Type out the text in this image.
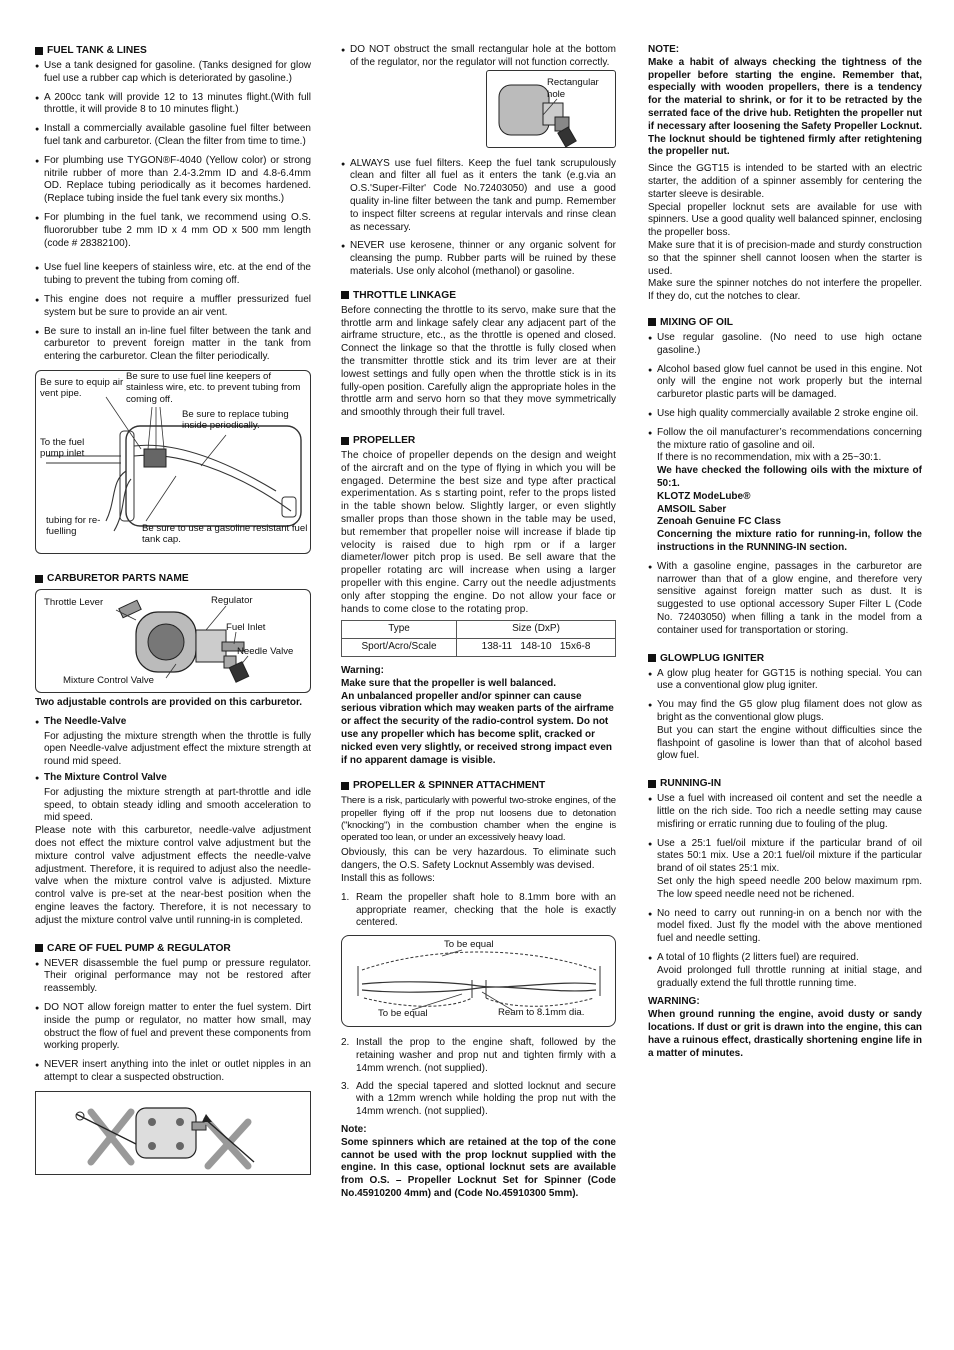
FUEL TANK & LINES
● Use a tank designed for gasoline. (Tanks designed for glow fuel use a rubber cap which is deteriorated by gasoline.)
● A 200cc tank will provide 12 to 13 minutes flight.(With full throttle, it will provide 8 to 10 minutes flight.)
● Install a commercially available gasoline fuel filter between fuel tank and carburetor. (Clean the filter from time to time.)
● For plumbing use TYGON®F-4040 (Yellow color) or strong nitrile rubber of more than 2.4-3.2mm ID and 4.8-6.4mm OD. Replace tubing periodically as it becomes hardened. (Replace tubing inside the fuel tank every six months.)
● For plumbing in the fuel tank, we recommend using O.S. fluororubber tube 2 mm ID x 4 mm OD x 500 mm length (code # 28382100).
● Use fuel line keepers of stainless wire, etc. at the end of the tubing to prevent the tubing from coming off.
● This engine does not require a muffler pressurized fuel system but be sure to provide an air vent.
● Be sure to install an in-line fuel filter between the tank and carburetor to prevent foreign matter in the tank from entering the carburetor. Clean the filter periodically.
Be sure to equip air vent pipe.
Be sure to use fuel line keepers of stainless wire, etc. to prevent tubing from coming off.
Be sure to replace tubing inside periodically.
To the fuel pump inlet
tubing for re-fuelling	Be sure to use a gasoline resistant fuel tank cap.
CARBURETOR PARTS NAME
Throttle Lever	Regulator
Fuel Inlet
Needle Valve
Mixture Control Valve

Two adjustable controls are provided on this carburetor.

● The Needle-Valve

For adjusting the mixture strength when the throttle is fully open Needle-valve adjustment effect the mixture strength at round mid speed.

● The Mixture Control Valve

For adjusting the mixture strength at part-throttle and idle speed, to obtain steady idling and smooth acceleration to mid speed.

Please note with this carburetor, needle-valve adjustment does not effect the mixture control valve adjustment but the mixture control valve adjustment effects the needle-valve adjustment. Therefore, it is required to adjust also the needle-valve when the mixture control valve is adjusted. Mixture control valve is pre-set at the near-best position when the engine leaves the factory. Therefore, it is not necessary to adjust the mixture control valve until running-in is completed.

CARE OF FUEL PUMP & REGULATOR
● NEVER disassemble the fuel pump or pressure regulator. Their original performance may not be restored after reassembly.
● DO NOT allow foreign matter to enter the fuel system. Dirt inside the pump or regulator, no matter how small, may obstruct the flow of fuel and prevent these components from working properly.
● NEVER insert anything into the inlet or outlet nipples in an attempt to clear a suspected obstruction.
● DO NOT obstruct the small rectangular hole at the bottom of the regulator, nor the regulator will not function correctly.
Rectangular hole
● ALWAYS use fuel filters. Keep the fuel tank scrupulously clean and filter all fuel as it enters the tank (e.g.via an O.S.'Super-Filter' Code No.72403050) and use a good quality in-line filter between the tank and pump. Remember to inspect filter screens at regular intervals and rinse clean as necessary.
● NEVER use kerosene, thinner or any organic solvent for cleansing the pump. Rubber parts will be ruined by these materials. Use only alcohol (methanol) or gasoline.
THROTTLE LINKAGE

Before connecting the throttle to its servo, make sure that the throttle arm and linkage safely clear any adjacent part of the airframe structure, etc., as the throttle is opened and closed. Connect the linkage so that the throttle is fully closed when the transmitter throttle stick and its trim lever are at their lowest settings and fully open when the throttle stick is in its fully-open position. Carefully align the appropriate holes in the throttle arm and servo horn so that they move symmetrically and smoothly through their full travel.

PROPELLER

The choice of propeller depends on the design and weight of the aircraft and on the type of flying in which you will be engaged. Determine the best size and type after practical experimentation. As s starting point, refer to the props listed in the table shown below. Slightly larger, or even slightly smaller props than those shown in the table may be used, but remember that propeller noise will increase if blade tip velocity is raised due to high rpm or if a larger diameter/lower pitch prop is used. Be sell aware that the propeller rotating arc will increase when using a larger propeller with this engine. Carry out the needle adjustments only after stopping the engine. Do not allow your face or hands to come close to the rotating prop.

Type	Size (DxP)
Sport/Acro/Scale	138-11   148-10   15x6-8

Warning:

Make sure that the propeller is well balanced.

An unbalanced propeller and/or spinner can cause serious vibration which may weaken parts of the airframe or affect the security of the radio-control system. Do not use any propeller which has become split, cracked or nicked even very slightly, or received strong impact even if no apparent damage is visible.

PROPELLER & SPINNER ATTACHMENT

There is a risk, particularly with powerful two-stroke engines, of the propeller flying off if the prop nut loosens due to detonation ("knocking") in the combustion chamber when the engine is operated too lean, or under an excessively heavy load.

Obviously, this can be very hazardous. To eliminate such dangers, the O.S. Safety Locknut Assembly was devised.

Install this as follows:

1. Ream the propeller shaft hole to 8.1mm bore with an appropriate reamer, checking that the hole is exactly centered.
To be equal
To be equal	Ream to 8.1mm dia.
2. Install the prop to the engine shaft, followed by the retaining washer and prop nut and tighten firmly with a 14mm wrench. (not supplied).
3. Add the special tapered and slotted locknut and secure with a 12mm wrench while holding the prop nut with the 14mm wrench. (not supplied).

Note:

Some spinners which are retained at the top of the cone cannot be used with the prop locknut supplied with the engine. In this case, optional locknut sets are available from O.S. – Propeller Locknut Set for Spinner (Code No.45910200 4mm) and (Code No.45910300 5mm).

NOTE:

Make a habit of always checking the tightness of the propeller before starting the engine. Remember that, especially with wooden propellers, there is a tendency for the material to shrink, or for it to be retracted by the serrated face of the drive hub. Retighten the propeller nut if necessary after loosening the Safety Propeller Locknut. The locknut should be tightened firmly after retightening the propeller nut.

Since the GGT15 is intended to be started with an electric starter, the addition of a spinner assembly for centering the starter sleeve is desirable.

Special propeller locknut sets are available for use with spinners. Use a good quality well balanced spinner, enclosing the propeller boss.

Make sure that it is of precision-made and sturdy construction so that the spinner shell cannot loosen when the starter is used.

Make sure the spinner notches do not interfere the propeller. If they do, cut the notches to clear.

MIXING OF OIL
● Use regular gasoline. (No need to use high octane gasoline.)
● Alcohol based glow fuel cannot be used in this engine. Not only will the engine not work properly but the internal carburetor plastic parts will be damaged.
● Use high quality commercially available 2 stroke engine oil.

● Follow the oil manufacturer’s recommendations concerning the mixture ratio of gasoline and oil.

If there is no recommendation, mix with a 25~30:1.

We have checked the following oils with the mixture of 50:1.

KLOTZ ModeLube®

AMSOIL Saber

Zenoah Genuine FC Class

Concerning the mixture ratio for running-in, follow the instructions in the RUNNING-IN section.

● With a gasoline engine, passages in the carburetor are narrower than that of a glow engine, and therefore very sensitive against foreign matter such as dust. It is suggested to use optional accessory Super Filter L (Code No. 72403050) when filling a tank in the model from a container used for transportation or storing.
GLOWPLUG IGNITER
● A glow plug heater for GGT15 is nothing special. You can use a conventional glow plug igniter.

● You may find the G5 glow plug filament does not glow as bright as the conventional glow plugs.

But you can start the engine without difficulties since the flashpoint of gasoline is lower than that of alcohol based glow fuel.

RUNNING-IN
● Use a fuel with increased oil content and set the needle a little on the rich side. Too rich a needle setting may cause misfiring or erratic running due to fouling of the plug.

● Use a 25:1 fuel/oil mixture if the particular brand of oil states 50:1 mix. Use a 20:1 fuel/oil mixture if the particular brand of oil states 25:1 mix.

Set only the high speed needle 200 below maximum rpm. The low speed needle need not be richened.

● No need to carry out running-in on a bench nor with the model fixed. Just fly the model with the above mentioned fuel and needle setting.

● A total of 10 flights (2 litters fuel) are required.

Avoid prolonged full throttle running at initial stage, and gradually extend the full throttle running time.

WARNING:

When ground running the engine, avoid dusty or sandy locations. If dust or grit is drawn into the engine, this can have a ruinous effect, drastically shortening engine life in a matter of minutes.
